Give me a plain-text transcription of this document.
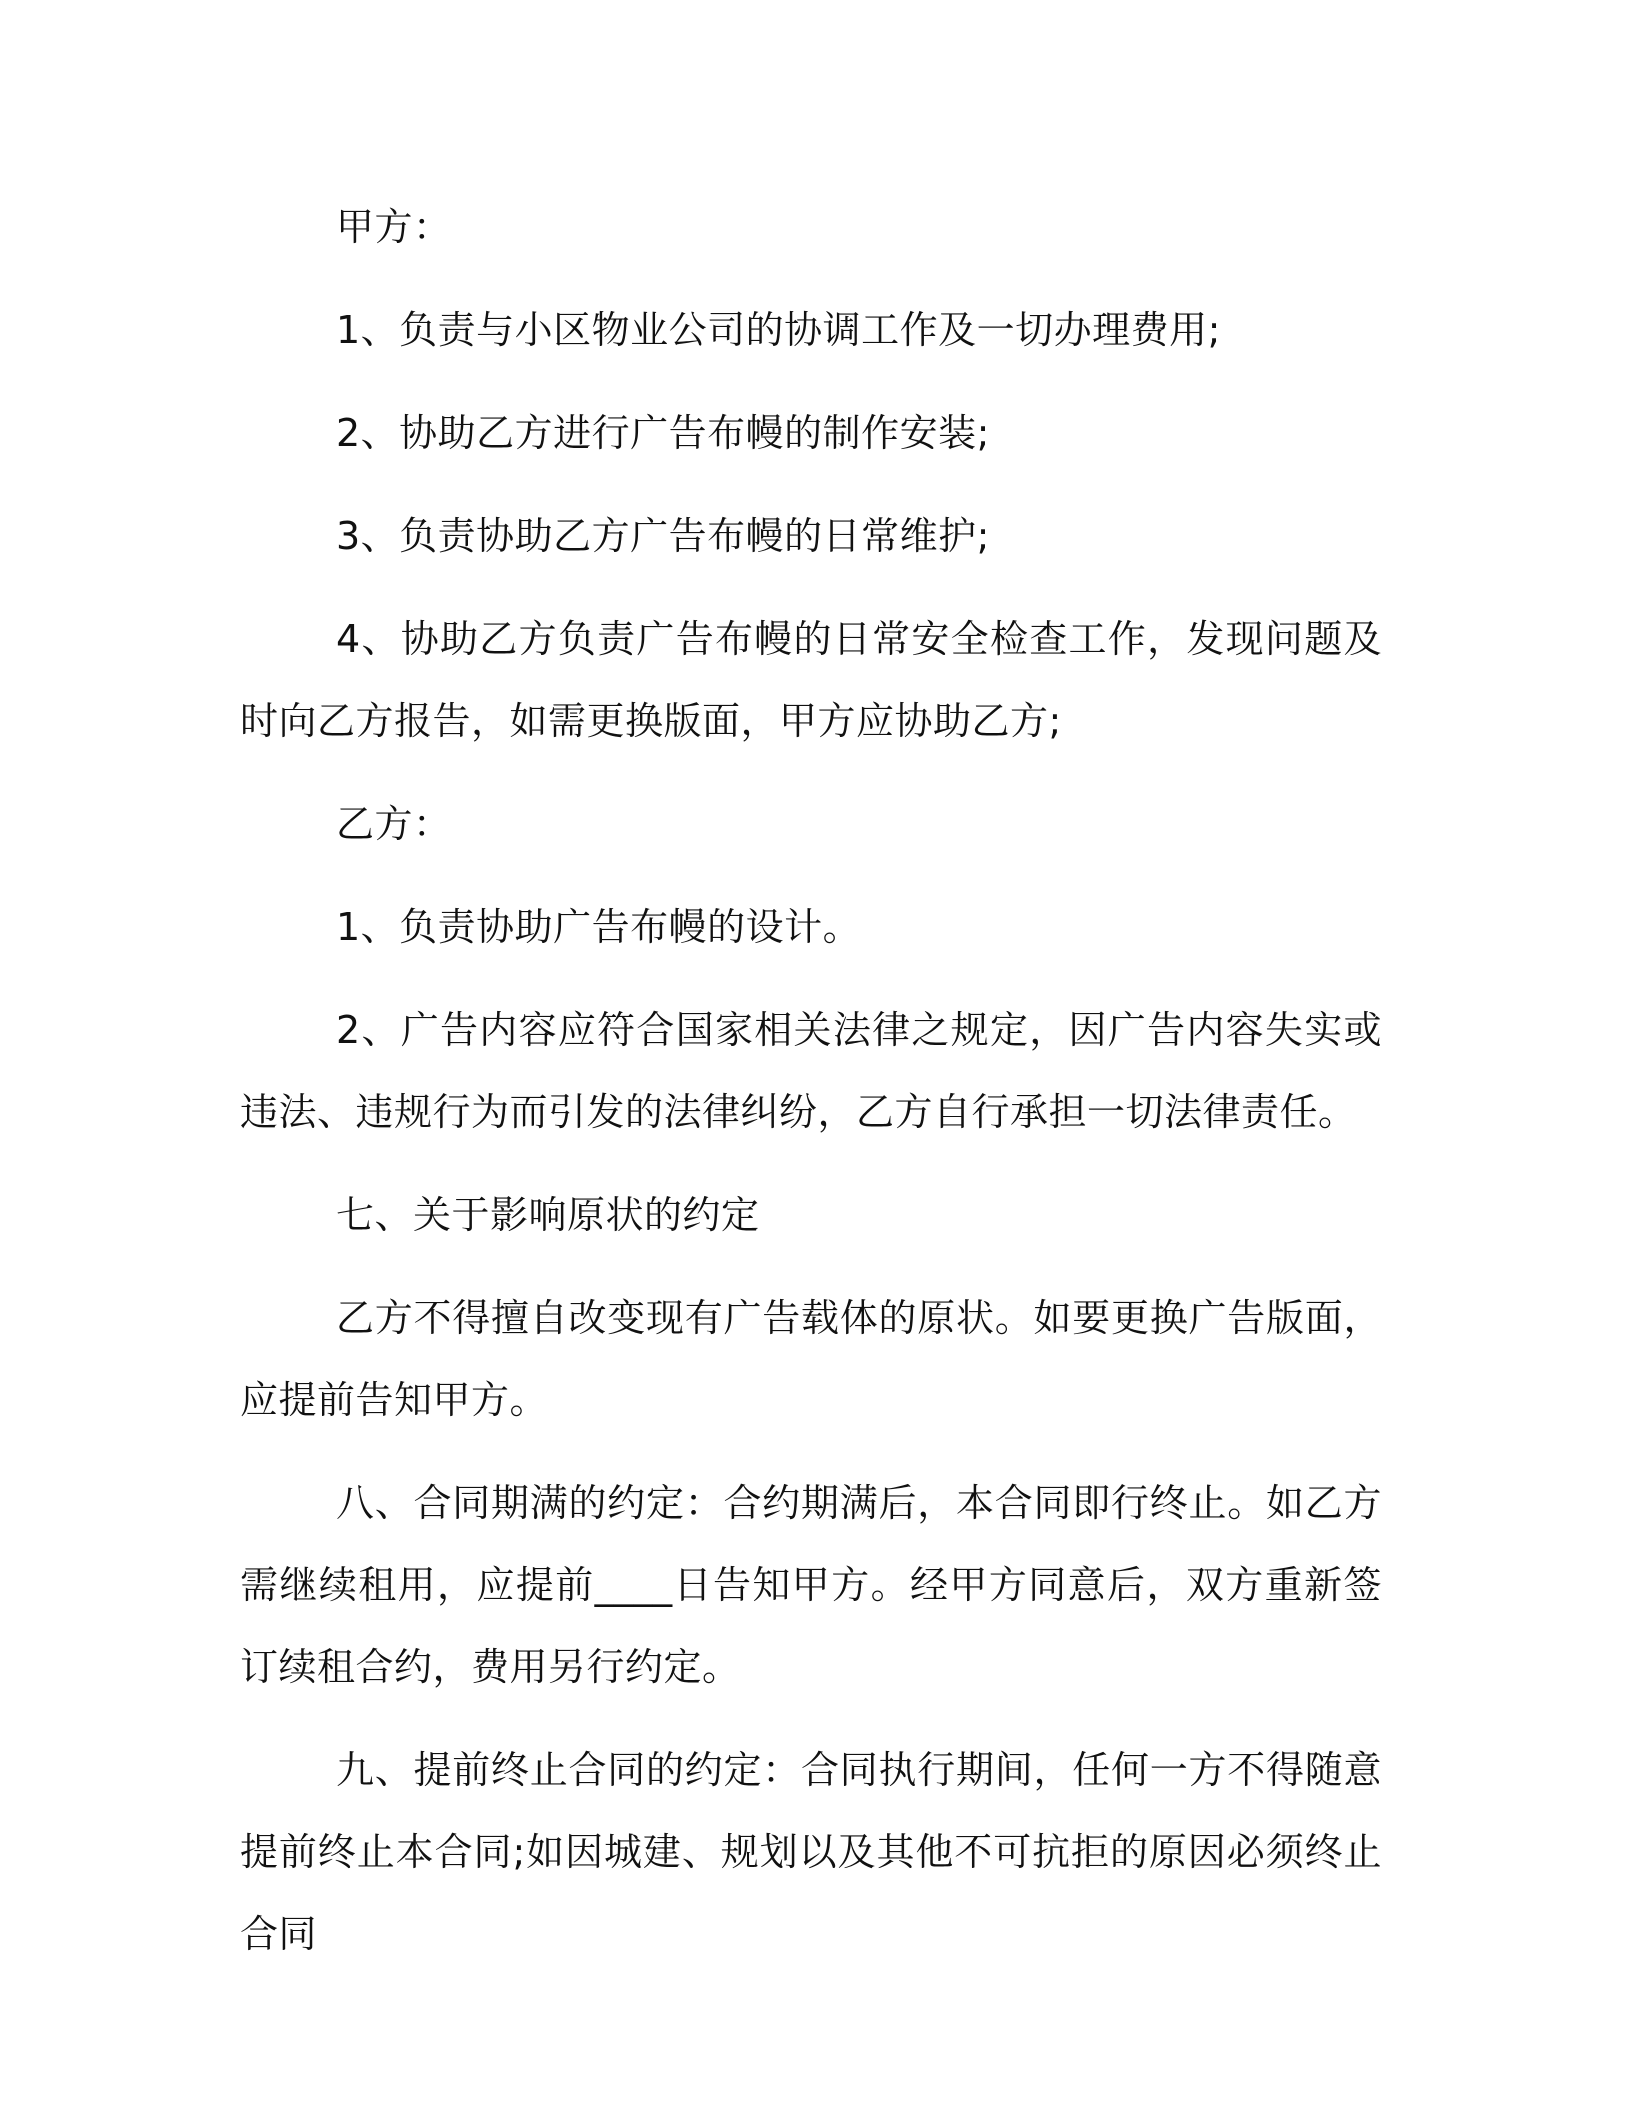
甲方：

1、负责与小区物业公司的协调工作及一切办理费用;

2、协助乙方进行广告布幔的制作安装;

3、负责协助乙方广告布幔的日常维护;

4、协助乙方负责广告布幔的日常安全检查工作，发现问题及时向乙方报告，如需更换版面，甲方应协助乙方;

乙方：

1、负责协助广告布幔的设计。

2、广告内容应符合国家相关法律之规定，因广告内容失实或违法、违规行为而引发的法律纠纷，乙方自行承担一切法律责任。

七、关于影响原状的约定

乙方不得擅自改变现有广告载体的原状。如要更换广告版面，应提前告知甲方。

八、合同期满的约定：合约期满后，本合同即行终止。如乙方需继续租用，应提前____日告知甲方。经甲方同意后，双方重新签订续租合约，费用另行约定。

九、提前终止合同的约定：合同执行期间，任何一方不得随意提前终止本合同;如因城建、规划以及其他不可抗拒的原因必须终止合同
